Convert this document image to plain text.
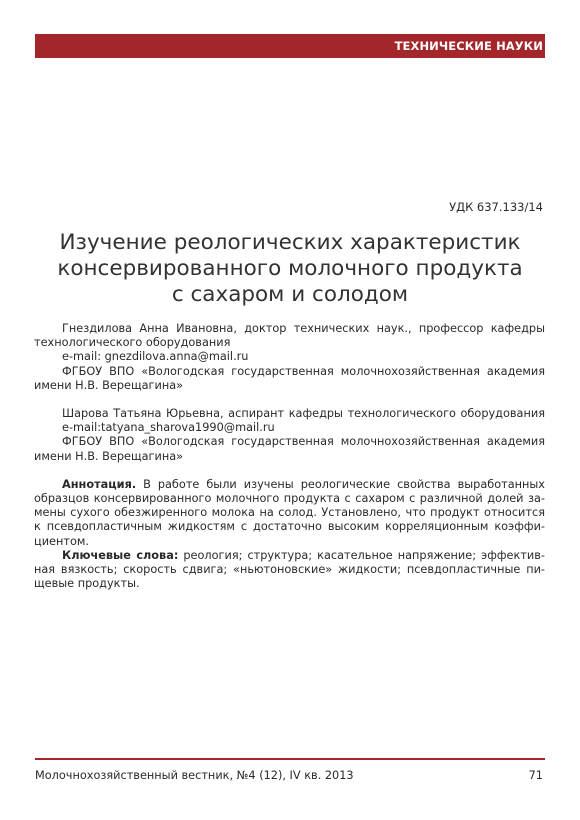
ТЕХНИЧЕСКИЕ НАУКИ
УДК 637.133/14
Изучение реологических характеристик
консервированного молочного продукта
с сахаром и солодом
Гнездилова Анна Ивановна, доктор технических наук., профессор кафедры
технологического оборудования
e-mail: gnezdilova.anna@mail.ru
ФГБОУ ВПО «Вологодская государственная молочнохозяйственная академия
имени Н.В. Верещагина»
Шарова Татьяна Юрьевна, аспирант кафедры технологического оборудования
e-mail:tatyana_sharova1990@mail.ru
ФГБОУ ВПО «Вологодская государственная молочнохозяйственная академия
имени Н.В. Верещагина»
Аннотация. В работе были изучены реологические свойства выработанных
образцов консервированного молочного продукта с сахаром с различной долей за-
мены сухого обезжиренного молока на солод. Установлено, что продукт относится
к псевдопластичным жидкостям с достаточно высоким корреляционным коэффи-
циентом.
Ключевые слова: реология; структура; касательное напряжение; эффектив-
ная вязкость; скорость сдвига; «ньютоновские» жидкости; псевдопластичные пи-
щевые продукты.
Молочнохозяйственный вестник, №4 (12), IV кв. 2013	71
